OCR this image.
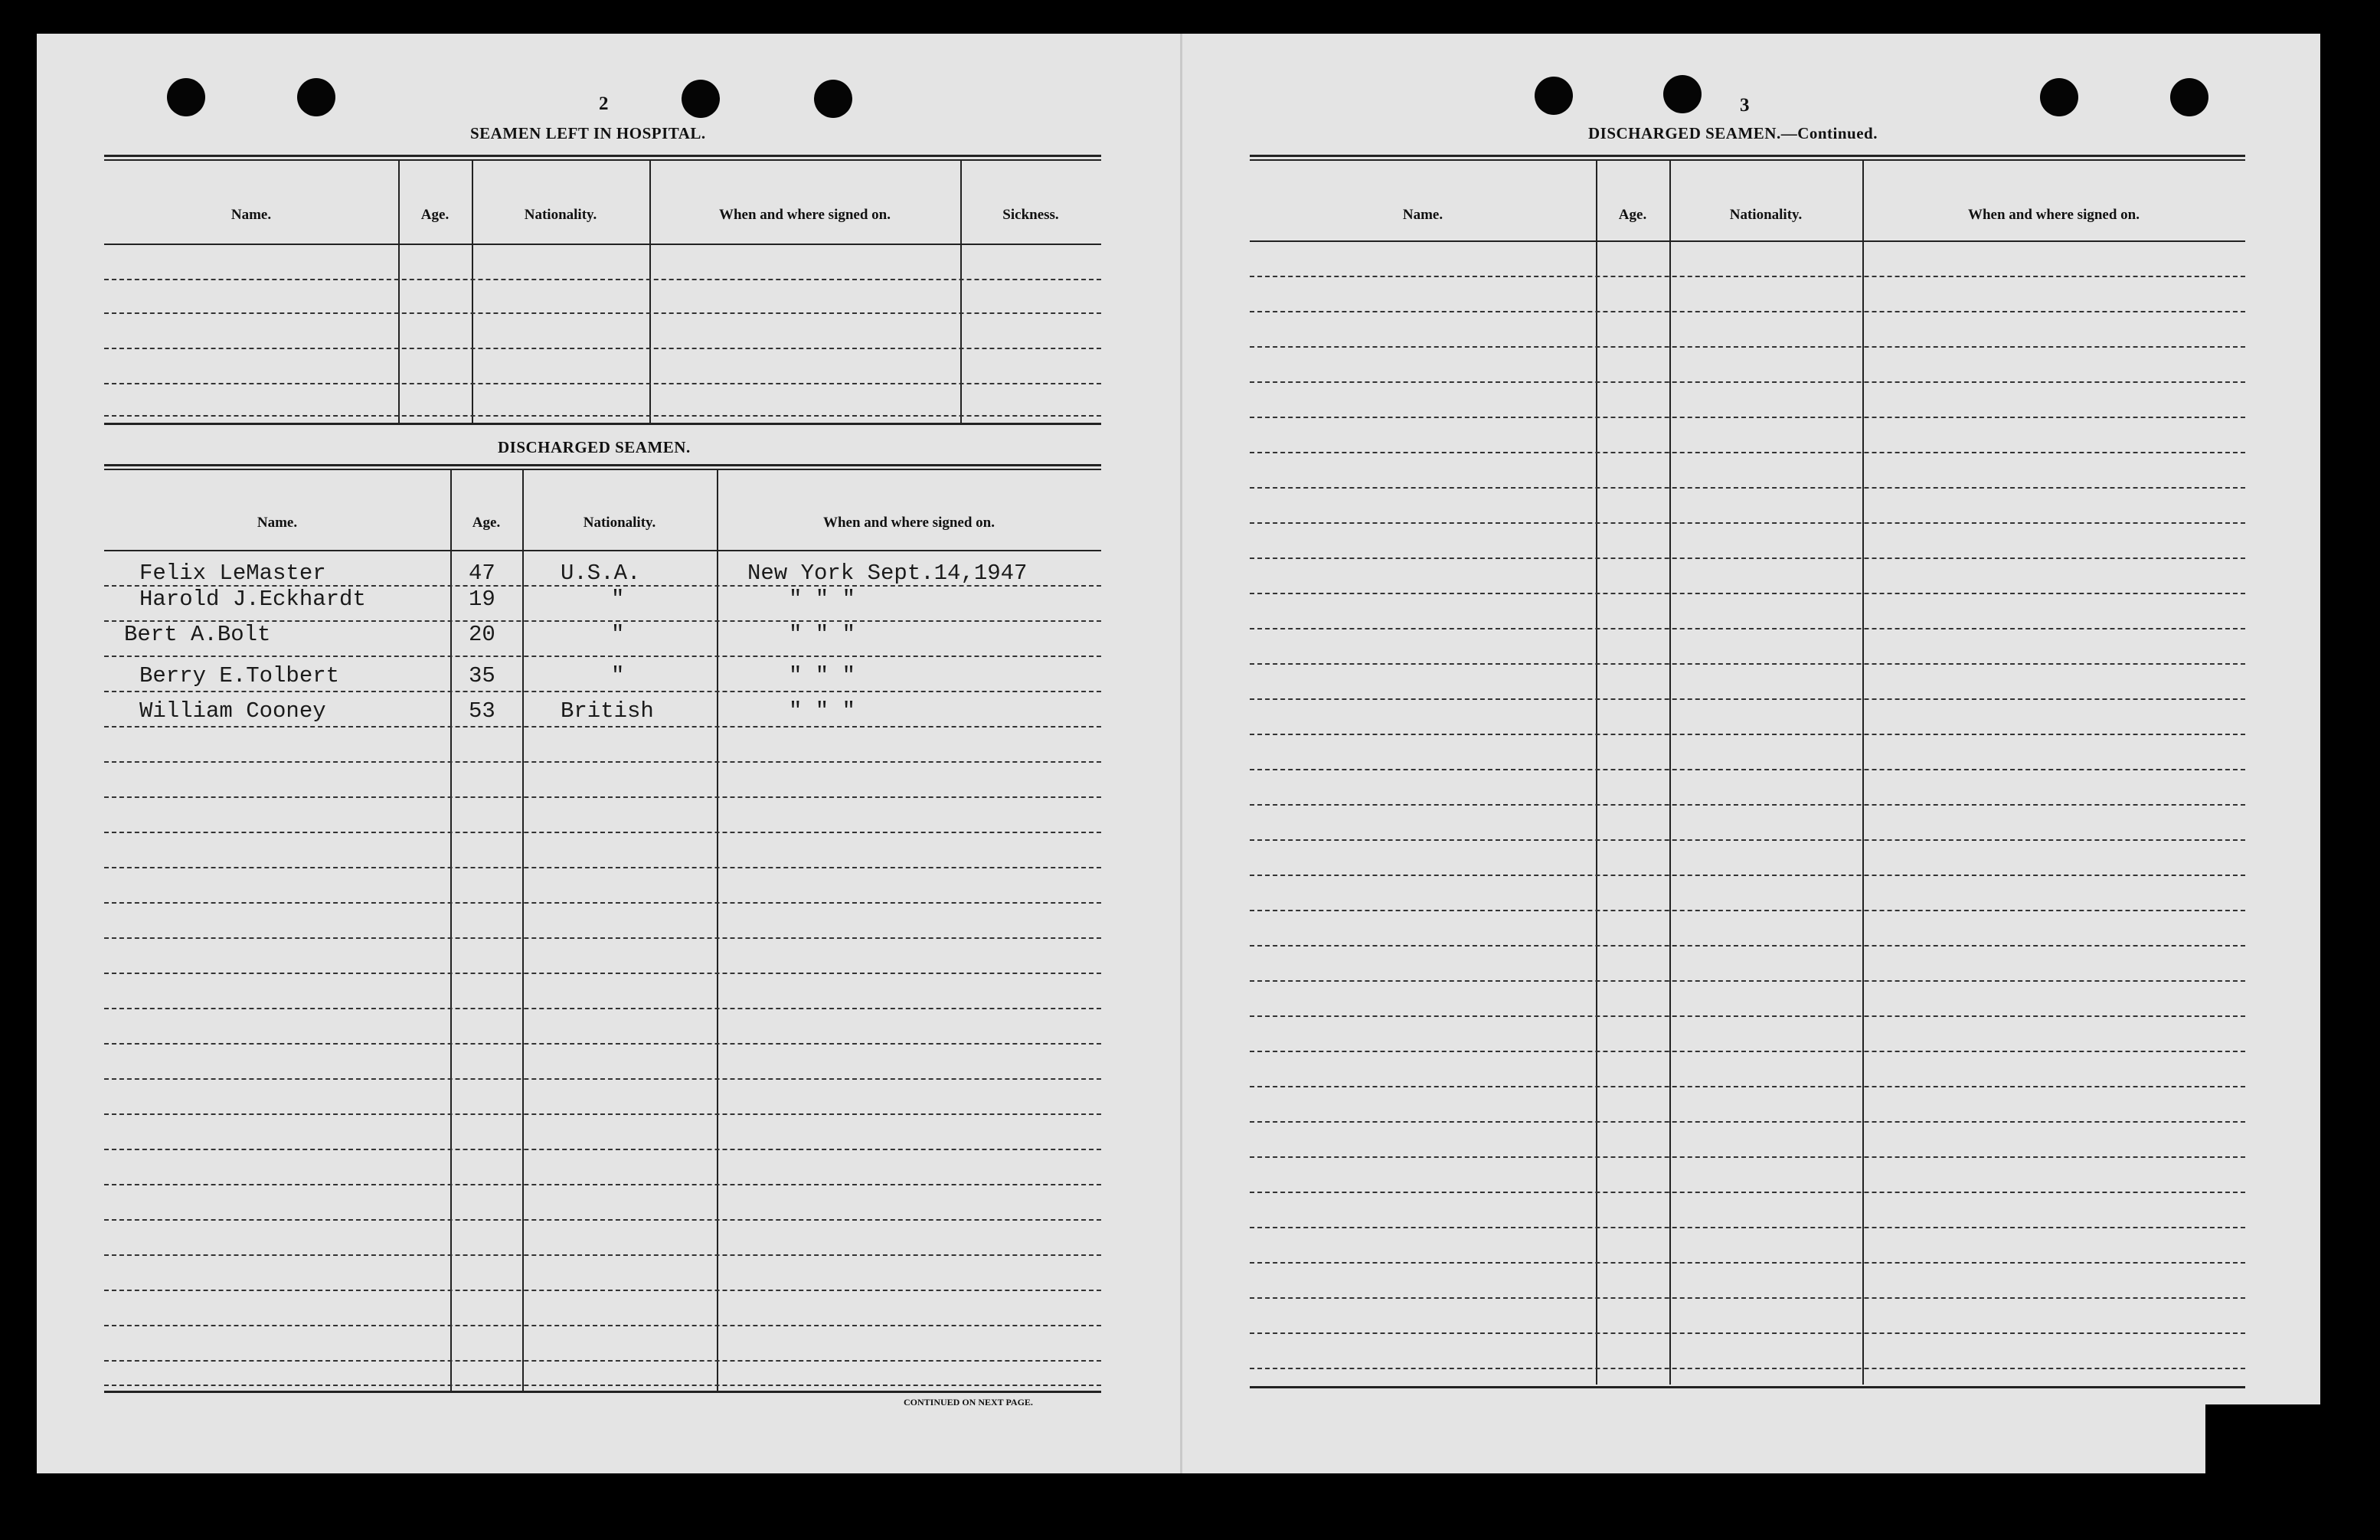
2
SEAMEN LEFT IN HOSPITAL.
Name.	Age.	Nationality.	When and where signed on.	Sickness.
DISCHARGED SEAMEN.
Name.	Age.	Nationality.	When and where signed on.
Felix LeMaster	47	U.S.A.	New York Sept.14,1947
Harold J.Eckhardt	19	"	" " "
Bert A.Bolt	20	"	" " "
Berry E.Tolbert	35	"	" " "
William Cooney	53	British	" " "
CONTINUED ON NEXT PAGE.
3
DISCHARGED SEAMEN.—Continued.
Name.	Age.	Nationality.	When and where signed on.
